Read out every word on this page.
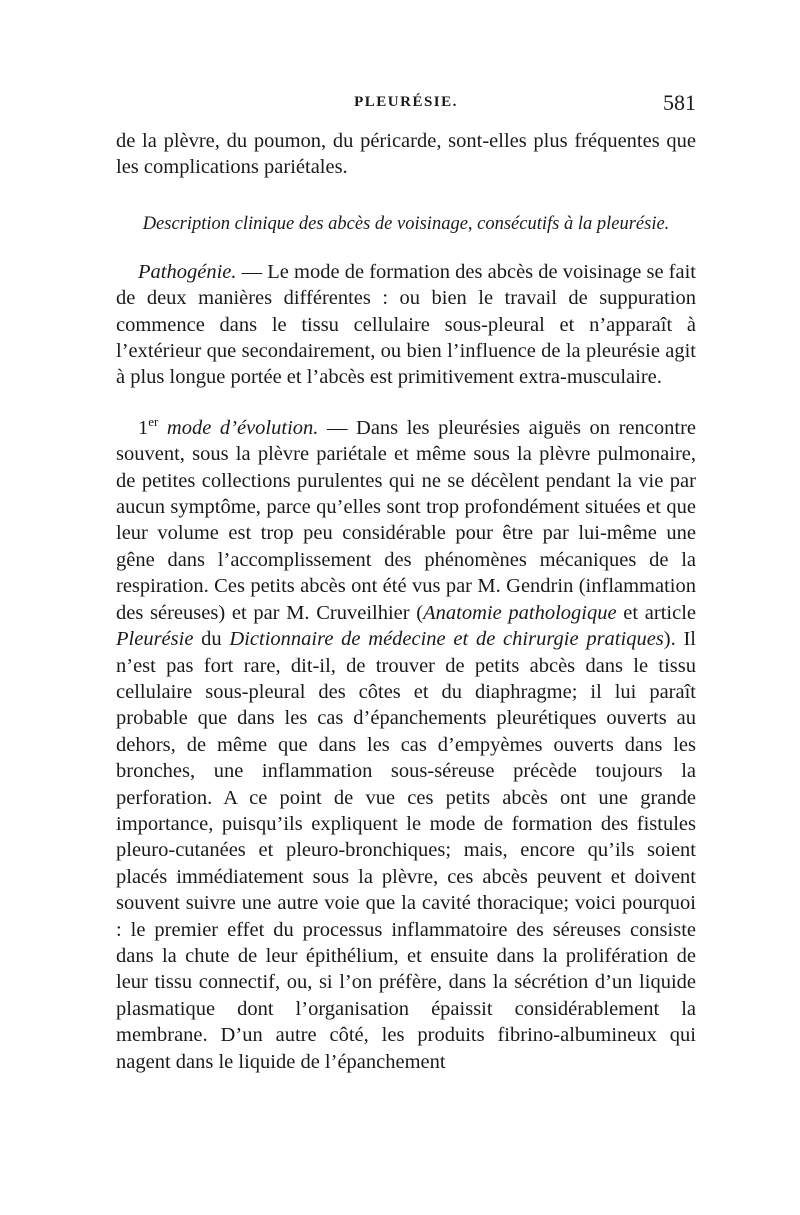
PLEURÉSIE.	581

de la plèvre, du poumon, du péricarde, sont-elles plus fréquentes que les complications pariétales.

Description clinique des abcès de voisinage, consécutifs à la pleurésie.

Pathogénie. — Le mode de formation des abcès de voisinage se fait de deux manières différentes : ou bien le travail de suppuration commence dans le tissu cellulaire sous-pleural et n’apparaît à l’extérieur que secondairement, ou bien l’influence de la pleurésie agit à plus longue portée et l’abcès est primitivement extra-musculaire.

1er mode d’évolution. — Dans les pleurésies aiguës on rencontre souvent, sous la plèvre pariétale et même sous la plèvre pulmonaire, de petites collections purulentes qui ne se décèlent pendant la vie par aucun symptôme, parce qu’elles sont trop profondément situées et que leur volume est trop peu considérable pour être par lui-même une gêne dans l’accomplissement des phénomènes mécaniques de la respiration. Ces petits abcès ont été vus par M. Gendrin (inflammation des séreuses) et par M. Cruveilhier (Anatomie pathologique et article Pleurésie du Dictionnaire de médecine et de chirurgie pratiques). Il n’est pas fort rare, dit-il, de trouver de petits abcès dans le tissu cellulaire sous-pleural des côtes et du diaphragme; il lui paraît probable que dans les cas d’épanchements pleurétiques ouverts au dehors, de même que dans les cas d’empyèmes ouverts dans les bronches, une inflammation sous-séreuse précède toujours la perforation. A ce point de vue ces petits abcès ont une grande importance, puisqu’ils expliquent le mode de formation des fistules pleuro-cutanées et pleuro-bronchiques; mais, encore qu’ils soient placés immédiatement sous la plèvre, ces abcès peuvent et doivent souvent suivre une autre voie que la cavité thoracique; voici pourquoi : le premier effet du processus inflammatoire des séreuses consiste dans la chute de leur épithélium, et ensuite dans la prolifération de leur tissu connectif, ou, si l’on préfère, dans la sécrétion d’un liquide plasmatique dont l’organisation épaissit considérablement la membrane. D’un autre côté, les produits fibrino-albumineux qui nagent dans le liquide de l’épanchement
